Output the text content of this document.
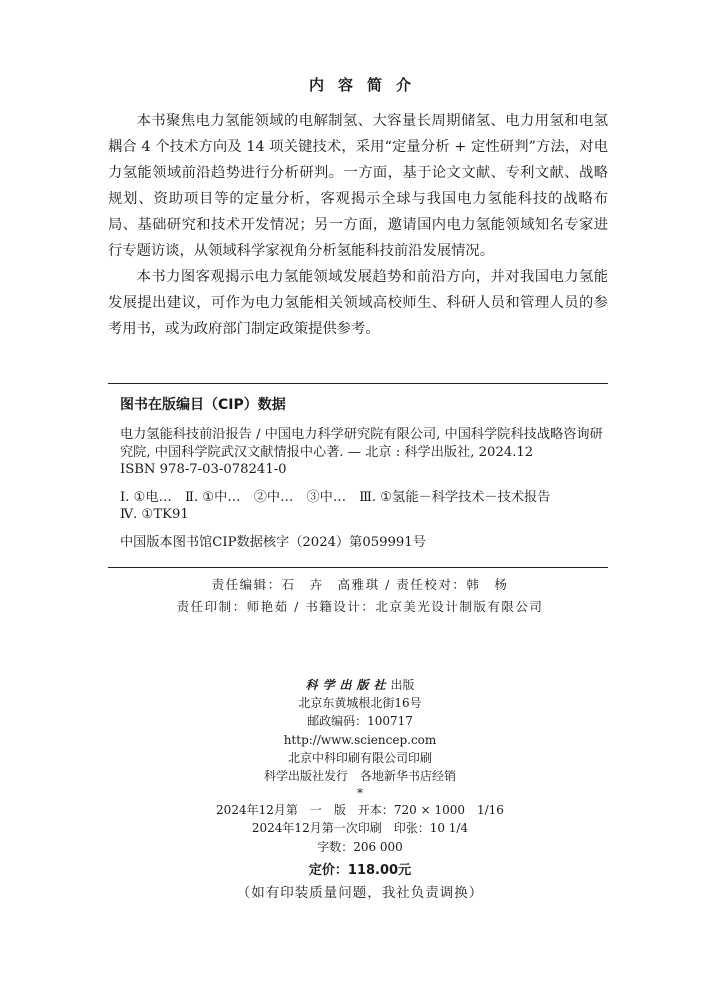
内容简介

本书聚焦电力氢能领域的电解制氢、大容量长周期储氢、电力用氢和电氢耦合 4 个技术方向及 14 项关键技术，采用“定量分析 + 定性研判”方法，对电力氢能领域前沿趋势进行分析研判。一方面，基于论文文献、专利文献、战略规划、资助项目等的定量分析，客观揭示全球与我国电力氢能科技的战略布局、基础研究和技术开发情况；另一方面，邀请国内电力氢能领域知名专家进行专题访谈，从领域科学家视角分析氢能科技前沿发展情况。

本书力图客观揭示电力氢能领域发展趋势和前沿方向，并对我国电力氢能发展提出建议，可作为电力氢能相关领域高校师生、科研人员和管理人员的参考用书，或为政府部门制定政策提供参考。

图书在版编目（CIP）数据
电力氢能科技前沿报告 / 中国电力科学研究院有限公司, 中国科学院科技战略咨询研究院, 中国科学院武汉文献情报中心著. — 北京 : 科学出版社, 2024.12
ISBN 978-7-03-078241-0
Ⅰ. ①电…　Ⅱ. ①中…　②中…　③中…　Ⅲ. ①氢能－科学技术－技术报告
Ⅳ. ①TK91
中国版本图书馆CIP数据核字（2024）第059991号
责任编辑：石　卉　高雅琪 / 责任校对：韩　杨
责任印制：师艳茹 / 书籍设计：北京美光设计制版有限公司
科学出版社出版
北京东黄城根北街16号
邮政编码：100717
http://www.sciencep.com
北京中科印刷有限公司印刷
科学出版社发行　各地新华书店经销
*
2024年12月第　一　版　开本：720 × 1000　1/16
2024年12月第一次印刷　印张：10 1/4
字数：206 000
定价：118.00元
（如有印装质量问题，我社负责调换）
